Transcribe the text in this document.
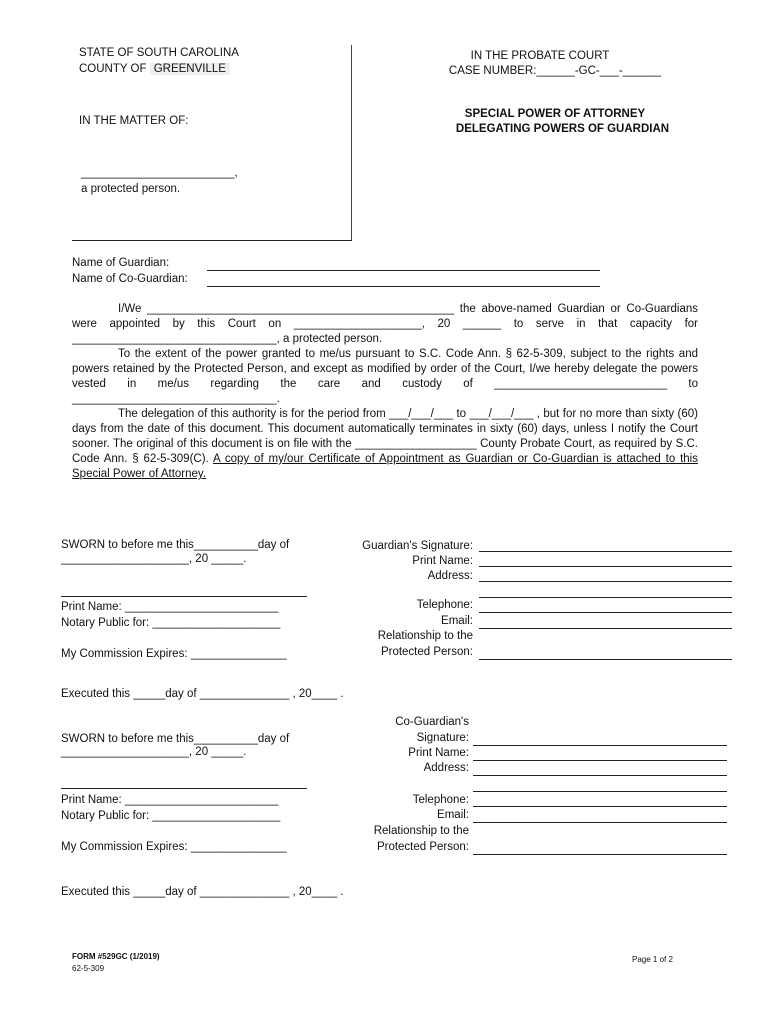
STATE OF SOUTH CAROLINA
COUNTY OF GREENVILLE
IN THE MATTER OF:
________________________,
a protected person.
IN THE PROBATE COURT
CASE NUMBER:______-GC-___-______
SPECIAL POWER OF ATTORNEY
DELEGATING POWERS OF GUARDIAN
Name of Guardian:
Name of Co-Guardian:

I/We ________________________________________________ the above-named Guardian or Co-Guardians were appointed by this Court on ____________________, 20 ______ to serve in that capacity for ________________________________, a protected person.

To the extent of the power granted to me/us pursuant to S.C. Code Ann. § 62-5-309, subject to the rights and powers retained by the Protected Person, and except as modified by order of the Court, I/we hereby delegate the powers vested in me/us regarding the care and custody of ___________________________ to ________________________________.

The delegation of this authority is for the period from ___/___/___ to ___/___/___ , but for no more than sixty (60) days from the date of this document. This document automatically terminates in sixty (60) days, unless I notify the Court sooner. The original of this document is on file with the ___________________ County Probate Court, as required by S.C. Code Ann. § 62-5-309(C). A copy of my/our Certificate of Appointment as Guardian or Co-Guardian is attached to this Special Power of Attorney.

SWORN to before me this__________day of
____________________, 20 _____.
Print Name: ________________________
Notary Public for: ____________________
My Commission Expires: _______________
Guardian's Signature:
Print Name:
Address:
Telephone:
Email:
Relationship to the
Protected Person:
Executed this _____day of ______________ , 20____ .
SWORN to before me this__________day of
____________________, 20 _____.
Print Name: ________________________
Notary Public for: ____________________
My Commission Expires: _______________
Co-Guardian's
Signature:
Print Name:
Address:
Telephone:
Email:
Relationship to the
Protected Person:
Executed this _____day of ______________ , 20____ .
FORM #529GC (1/2019)
62-5-309
Page 1 of 2
